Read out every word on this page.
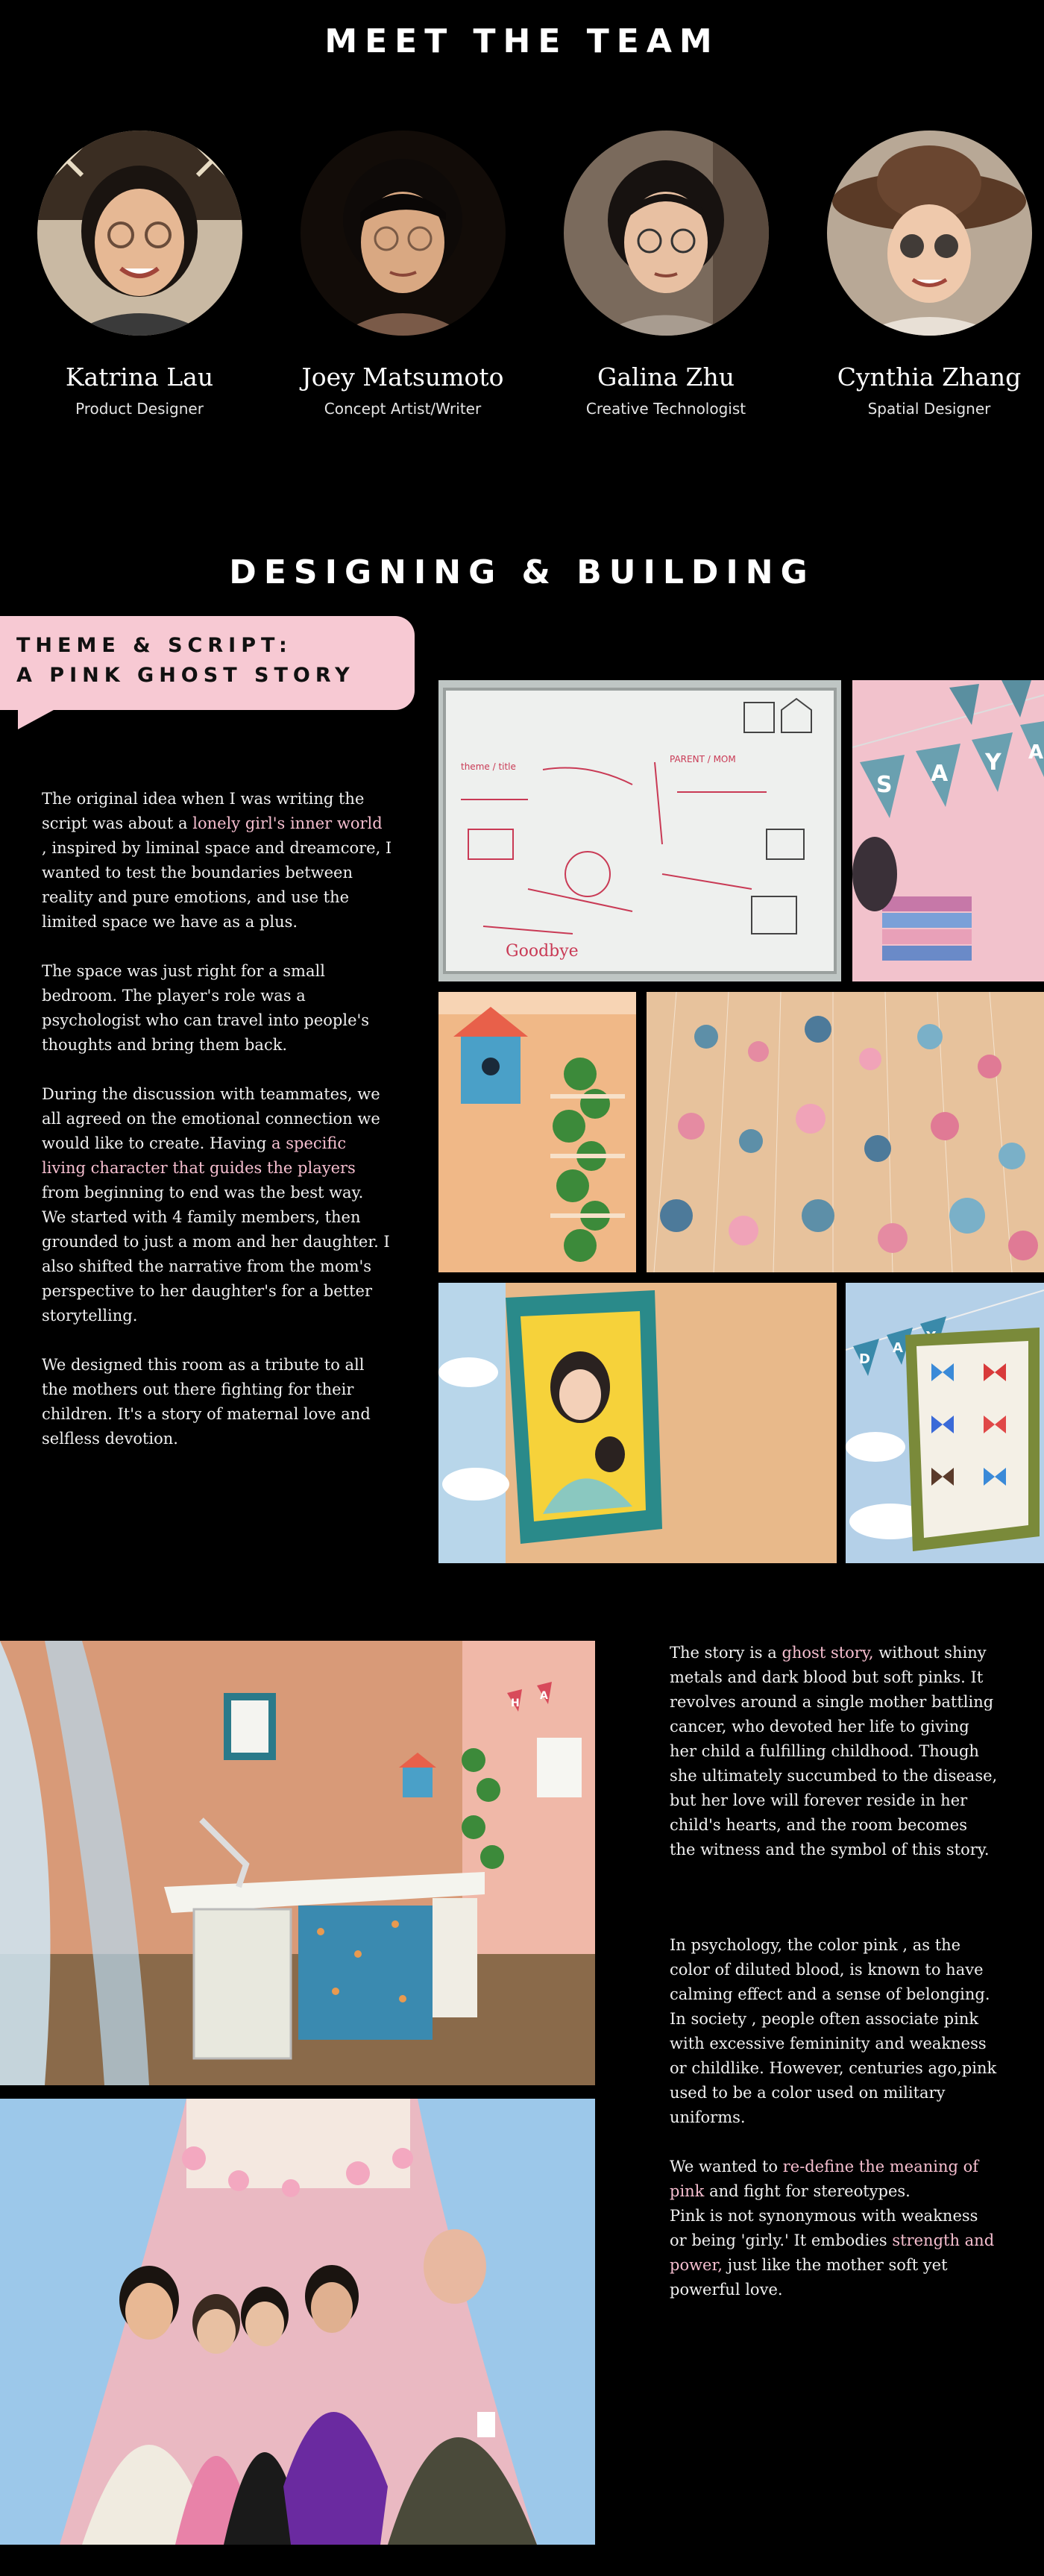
MEET THE TEAM
Katrina Lau
Product Designer
Joey Matsumoto
Concept Artist/Writer
Galina Zhu
Creative Technologist
Cynthia Zhang
Spatial Designer
DESIGNING & BUILDING
THEME & SCRIPT:
A PINK GHOST STORY

The original idea when I was writing the script was about a lonely girl's inner world , inspired by liminal space and dreamcore, I wanted to test the boundaries between reality and pure emotions, and use the limited space we have as a plus.

The space was just right for a small bedroom. The player's role was a psychologist who can travel into people's thoughts and bring them back.

During the discussion with teammates, we all agreed on the emotional connection we would like to create. Having a specific living character that guides the players from beginning to end was the best way.

We started with 4 family members, then grounded to just a mom and her daughter. I also shifted the narrative from the mom's perspective to her daughter's for a better storytelling.

We designed this room as a tribute to all the mothers out there fighting for their children. It's a story of maternal love and selfless devotion.

theme / title
PARENT / MOM
Goodbye
S A Y A
D
A
H
A

The story is a ghost story, without shiny metals and dark blood but soft pinks. It revolves around a single mother battling cancer, who devoted her life to giving her child a fulfilling childhood. Though she ultimately succumbed to the disease, but her love will forever reside in her child's hearts, and the room becomes the witness and the symbol of this story.

In psychology, the color pink , as the color of diluted blood, is known to have calming effect and a sense of belonging. In society , people often associate pink with excessive femininity and weakness or childlike. However, centuries ago,pink used to be a color used on military uniforms.

We wanted to re-define the meaning of pink and fight for stereotypes.

Pink is not synonymous with weakness or being 'girly.' It embodies strength and power, just like the mother soft yet powerful love.
